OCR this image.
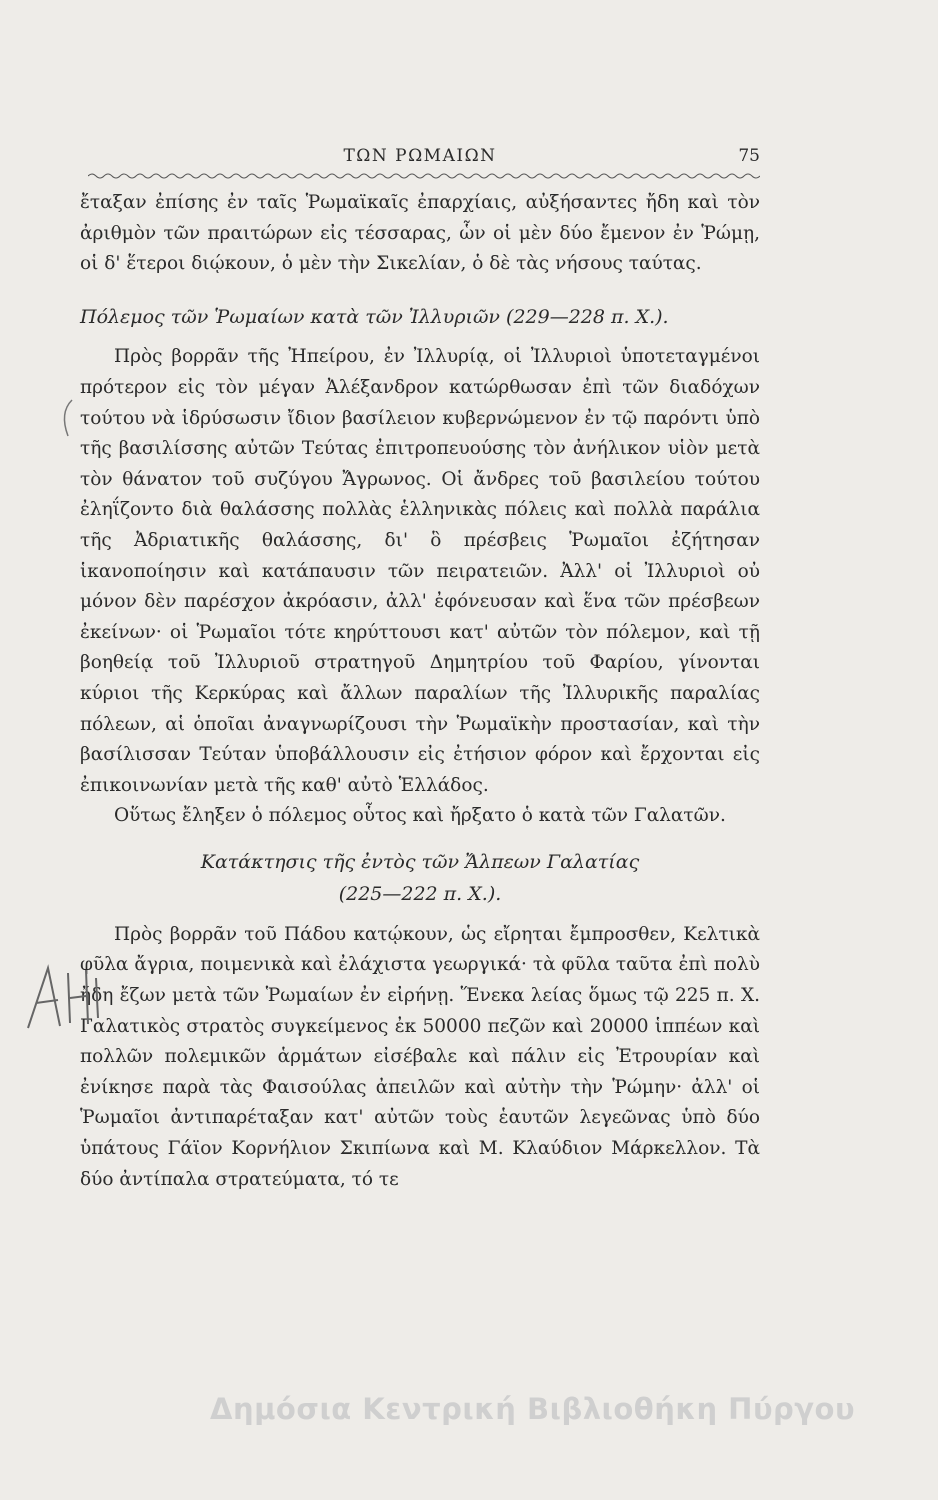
ΤΩΝ ΡΩΜΑΙΩΝ	75

ἔταξαν ἐπίσης ἐν ταῖς Ῥωμαϊκαῖς ἐπαρχίαις, αὐξήσαντες ἤδη καὶ τὸν ἀριθμὸν τῶν πραιτώρων εἰς τέσσαρας, ὧν οἱ μὲν δύο ἔμενον ἐν Ῥώμῃ, οἱ δ' ἕτεροι διῴκουν, ὁ μὲν τὴν Σικελίαν, ὁ δὲ τὰς νήσους ταύτας.

Πόλεμος τῶν Ῥωμαίων κατὰ τῶν Ἰλλυριῶν (229—228 π. Χ.).

Πρὸς βορρᾶν τῆς Ἠπείρου, ἐν Ἰλλυρίᾳ, οἱ Ἰλλυριοὶ ὑποτεταγμένοι πρότερον εἰς τὸν μέγαν Ἀλέξανδρον κατώρθωσαν ἐπὶ τῶν διαδόχων τούτου νὰ ἱδρύσωσιν ἴδιον βασίλειον κυβερνώμενον ἐν τῷ παρόντι ὑπὸ τῆς βασιλίσσης αὐτῶν Τεύτας ἐπιτροπευούσης τὸν ἀνήλικον υἱὸν μετὰ τὸν θάνατον τοῦ συζύγου Ἄγρωνος. Οἱ ἄνδρες τοῦ βασιλείου τούτου ἐληΐζοντο διὰ θαλάσσης πολλὰς ἑλληνικὰς πόλεις καὶ πολλὰ παράλια τῆς Ἀδριατικῆς θαλάσσης, δι' ὃ πρέσβεις Ῥωμαῖοι ἐζήτησαν ἱκανοποίησιν καὶ κατάπαυσιν τῶν πειρατειῶν. Ἀλλ' οἱ Ἰλλυριοὶ οὐ μόνον δὲν παρέσχον ἀκρόασιν, ἀλλ' ἐφόνευσαν καὶ ἕνα τῶν πρέσβεων ἐκείνων· οἱ Ῥωμαῖοι τότε κηρύττουσι κατ' αὐτῶν τὸν πόλεμον, καὶ τῇ βοηθείᾳ τοῦ Ἰλλυριοῦ στρατηγοῦ Δημητρίου τοῦ Φαρίου, γίνονται κύριοι τῆς Κερκύρας καὶ ἄλλων παραλίων τῆς Ἰλλυρικῆς παραλίας πόλεων, αἱ ὁποῖαι ἀναγνωρίζουσι τὴν Ῥωμαϊκὴν προστασίαν, καὶ τὴν βασίλισσαν Τεύταν ὑποβάλλουσιν εἰς ἐτήσιον φόρον καὶ ἔρχονται εἰς ἐπικοινωνίαν μετὰ τῆς καθ' αὐτὸ Ἑλλάδος.

Οὕτως ἔληξεν ὁ πόλεμος οὗτος καὶ ἤρξατο ὁ κατὰ τῶν Γαλατῶν.

Κατάκτησις τῆς ἐντὸς τῶν Ἄλπεων Γαλατίας
(225—222 π. Χ.).

Πρὸς βορρᾶν τοῦ Πάδου κατῴκουν, ὡς εἴρηται ἔμπροσθεν, Κελτικὰ φῦλα ἄγρια, ποιμενικὰ καὶ ἐλάχιστα γεωργικά· τὰ φῦλα ταῦτα ἐπὶ πολὺ ἤδη ἔζων μετὰ τῶν Ῥωμαίων ἐν εἰρήνῃ. Ἕνεκα λείας ὅμως τῷ 225 π. Χ. Γαλατικὸς στρατὸς συγκείμενος ἐκ 50000 πεζῶν καὶ 20000 ἱππέων καὶ πολλῶν πολεμικῶν ἁρμάτων εἰσέβαλε καὶ πάλιν εἰς Ἐτρουρίαν καὶ ἐνίκησε παρὰ τὰς Φαισούλας ἀπειλῶν καὶ αὐτὴν τὴν Ῥώμην· ἀλλ' οἱ Ῥωμαῖοι ἀντιπαρέταξαν κατ' αὐτῶν τοὺς ἑαυτῶν λεγεῶνας ὑπὸ δύο ὑπάτους Γάϊον Κορνήλιον Σκιπίωνα καὶ Μ. Κλαύδιον Μάρκελλον. Τὰ δύο ἀντίπαλα στρατεύματα, τό τε

Δημόσια Κεντρική Βιβλιοθήκη Πύργου
